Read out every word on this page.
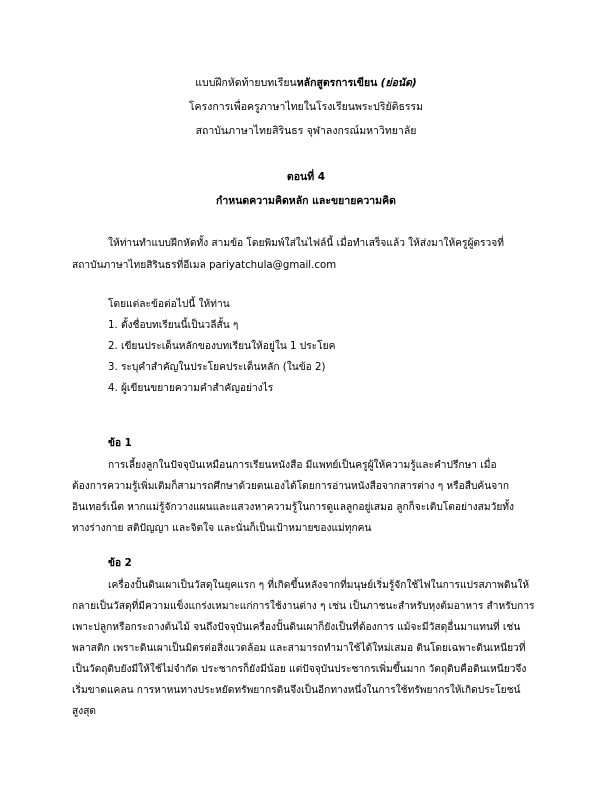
แบบฝึกหัดท้ายบทเรียนหลักสูตรการเขียน (ย่อนัด)
โครงการเพื่อครูภาษาไทยในโรงเรียนพระปริยัติธรรม
สถาบันภาษาไทยสิรินธร จุฬาลงกรณ์มหาวิทยาลัย
ตอนที่ 4
กำหนดความคิดหลัก และขยายความคิด
ให้ท่านทำแบบฝึกหัดทั้ง สามข้อ โดยพิมพ์ใส่ในไฟล์นี้ เมื่อทำเสร็จแล้ว ให้ส่งมาให้ครูผู้ตรวจที่
สถาบันภาษาไทยสิรินธรที่อีเมล pariyatchula@gmail.com
โดยแต่ละข้อต่อไปนี้ ให้ท่าน
1. ตั้งชื่อบทเรียนนี้เป็นวลีสั้น ๆ
2. เขียนประเด็นหลักของบทเรียนให้อยู่ใน 1 ประโยค
3. ระบุคำสำคัญในประโยคประเด็นหลัก (ในข้อ 2)
4. ผู้เขียนขยายความคำสำคัญอย่างไร
ข้อ 1
การเลี้ยงลูกในปัจจุบันเหมือนการเรียนหนังสือ มีแพทย์เป็นครูผู้ให้ความรู้และคำปรึกษา เมื่อ
ต้องการความรู้เพิ่มเติมก็สามารถศึกษาด้วยตนเองได้โดยการอ่านหนังสือจากสารต่าง ๆ หรือสืบค้นจาก
อินเทอร์เน็ต หากแม่รู้จักวางแผนและแสวงหาความรู้ในการดูแลลูกอยู่เสมอ ลูกก็จะเติบโตอย่างสมวัยทั้ง
ทางร่างกาย สติปัญญา และจิตใจ และนั่นก็เป็นเป้าหมายของแม่ทุกคน
ข้อ 2
เครื่องปั้นดินเผาเป็นวัสดุในยุคแรก ๆ ที่เกิดขึ้นหลังจากที่มนุษย์เริ่มรู้จักใช้ไฟในการแปรสภาพดินให้
กลายเป็นวัสดุที่มีความแข็งแกร่งเหมาะแก่การใช้งานต่าง ๆ เช่น เป็นภาชนะสำหรับหุงต้มอาหาร สำหรับการ
เพาะปลูกหรือกระถางต้นไม้ จนถึงปัจจุบันเครื่องปั้นดินเผาก็ยังเป็นที่ต้องการ แม้จะมีวัสดุอื่นมาแทนที่ เช่น
พลาสติก เพราะดินเผาเป็นมิตรต่อสิ่งแวดล้อม และสามารถทำมาใช้ได้ใหม่เสมอ ดินโดยเฉพาะดินเหนียวที่
เป็นวัตถุดิบยังมีให้ใช้ไม่จำกัด ประชากรก็ยังมีน้อย แต่ปัจจุบันประชากรเพิ่มขึ้นมาก วัตถุดิบคือดินเหนียวจึง
เริ่มขาดแคลน การหาหนทางประหยัดทรัพยากรดินจึงเป็นอีกทางหนึ่งในการใช้ทรัพยากรให้เกิดประโยชน์
สูงสุด
